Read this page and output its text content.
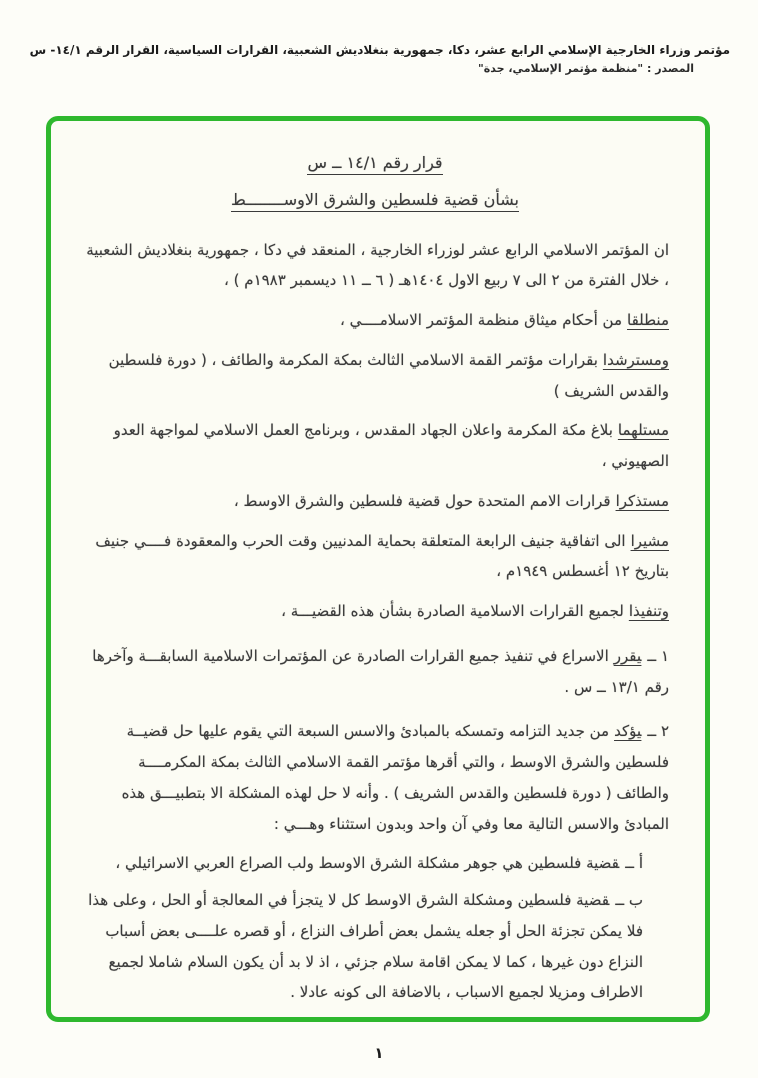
مؤتمر وزراء الخارجية الإسلامي الرابع عشر، دكا، جمهورية بنغلاديش الشعبية، القرارات السياسية، القرار الرقم ١٤/١- س
المصدر : "منظمة مؤتمر الإسلامي، جدة"
قرار رقم ١٤/١ ــ س
بشأن قضية فلسطين والشرق الاوســــــــط
ان المؤتمر الاسلامي الرابع عشر لوزراء الخارجية ، المنعقد في دكا ، جمهورية بنغلاديش الشعبية ، خلال الفترة من ٢ الى ٧ ربيع الاول ١٤٠٤هـ ( ٦ ــ ١١ ديسمبر ١٩٨٣م ) ،
منطلقامن أحكام ميثاق منظمة المؤتمر الاسلامــــي ،
ومسترشدابقرارات مؤتمر القمة الاسلامي الثالث بمكة المكرمة والطائف ، ( دورة فلسطين والقدس الشريف )
مستلهمابلاغ مكة المكرمة واعلان الجهاد المقدس ، وبرنامج العمل الاسلامي لمواجهة العدو الصهيوني ،
مستذكراقرارات الامم المتحدة حول قضية فلسطين والشرق الاوسط ،
مشيراالى اتفاقية جنيف الرابعة المتعلقة بحماية المدنيين وقت الحرب والمعقودة فــــي جنيف بتاريخ ١٢ أغسطس ١٩٤٩م ،
وتنفيذالجميع القرارات الاسلامية الصادرة بشأن هذه القضيـــة ،
١ ــيقررالاسراع في تنفيذ جميع القرارات الصادرة عن المؤتمرات الاسلامية السابقـــة وآخرها رقم ١٣/١ ــ س .
٢ ــيؤكدمن جديد التزامه وتمسكه بالمبادئ والاسس السبعة التي يقوم عليها حل قضيــة فلسطين والشرق الاوسط ، والتي أقرها مؤتمر القمة الاسلامي الثالث بمكة المكرمــــة والطائف ( دورة فلسطين والقدس الشريف ) . وأنه لا حل لهذه المشكلة الا بتطبيـــق هذه المبادئ والاسس التالية معا وفي آن واحد وبدون استثناء وهـــي :
أ ــقضية فلسطين هي جوهر مشكلة الشرق الاوسط ولب الصراع العربي الاسرائيلي ،
ب ــقضية فلسطين ومشكلة الشرق الاوسط كل لا يتجزأ في المعالجة أو الحل ، وعلى هذا فلا يمكن تجزئة الحل أو جعله يشمل بعض أطراف النزاع ، أو قصره علــــى بعض أسباب النزاع دون غيرها ، كما لا يمكن اقامة سلام جزئي ، اذ لا بد أن يكون السلام شاملا لجميع الاطراف ومزيلا لجميع الاسباب ، بالاضافة الى كونه عادلا .
١
